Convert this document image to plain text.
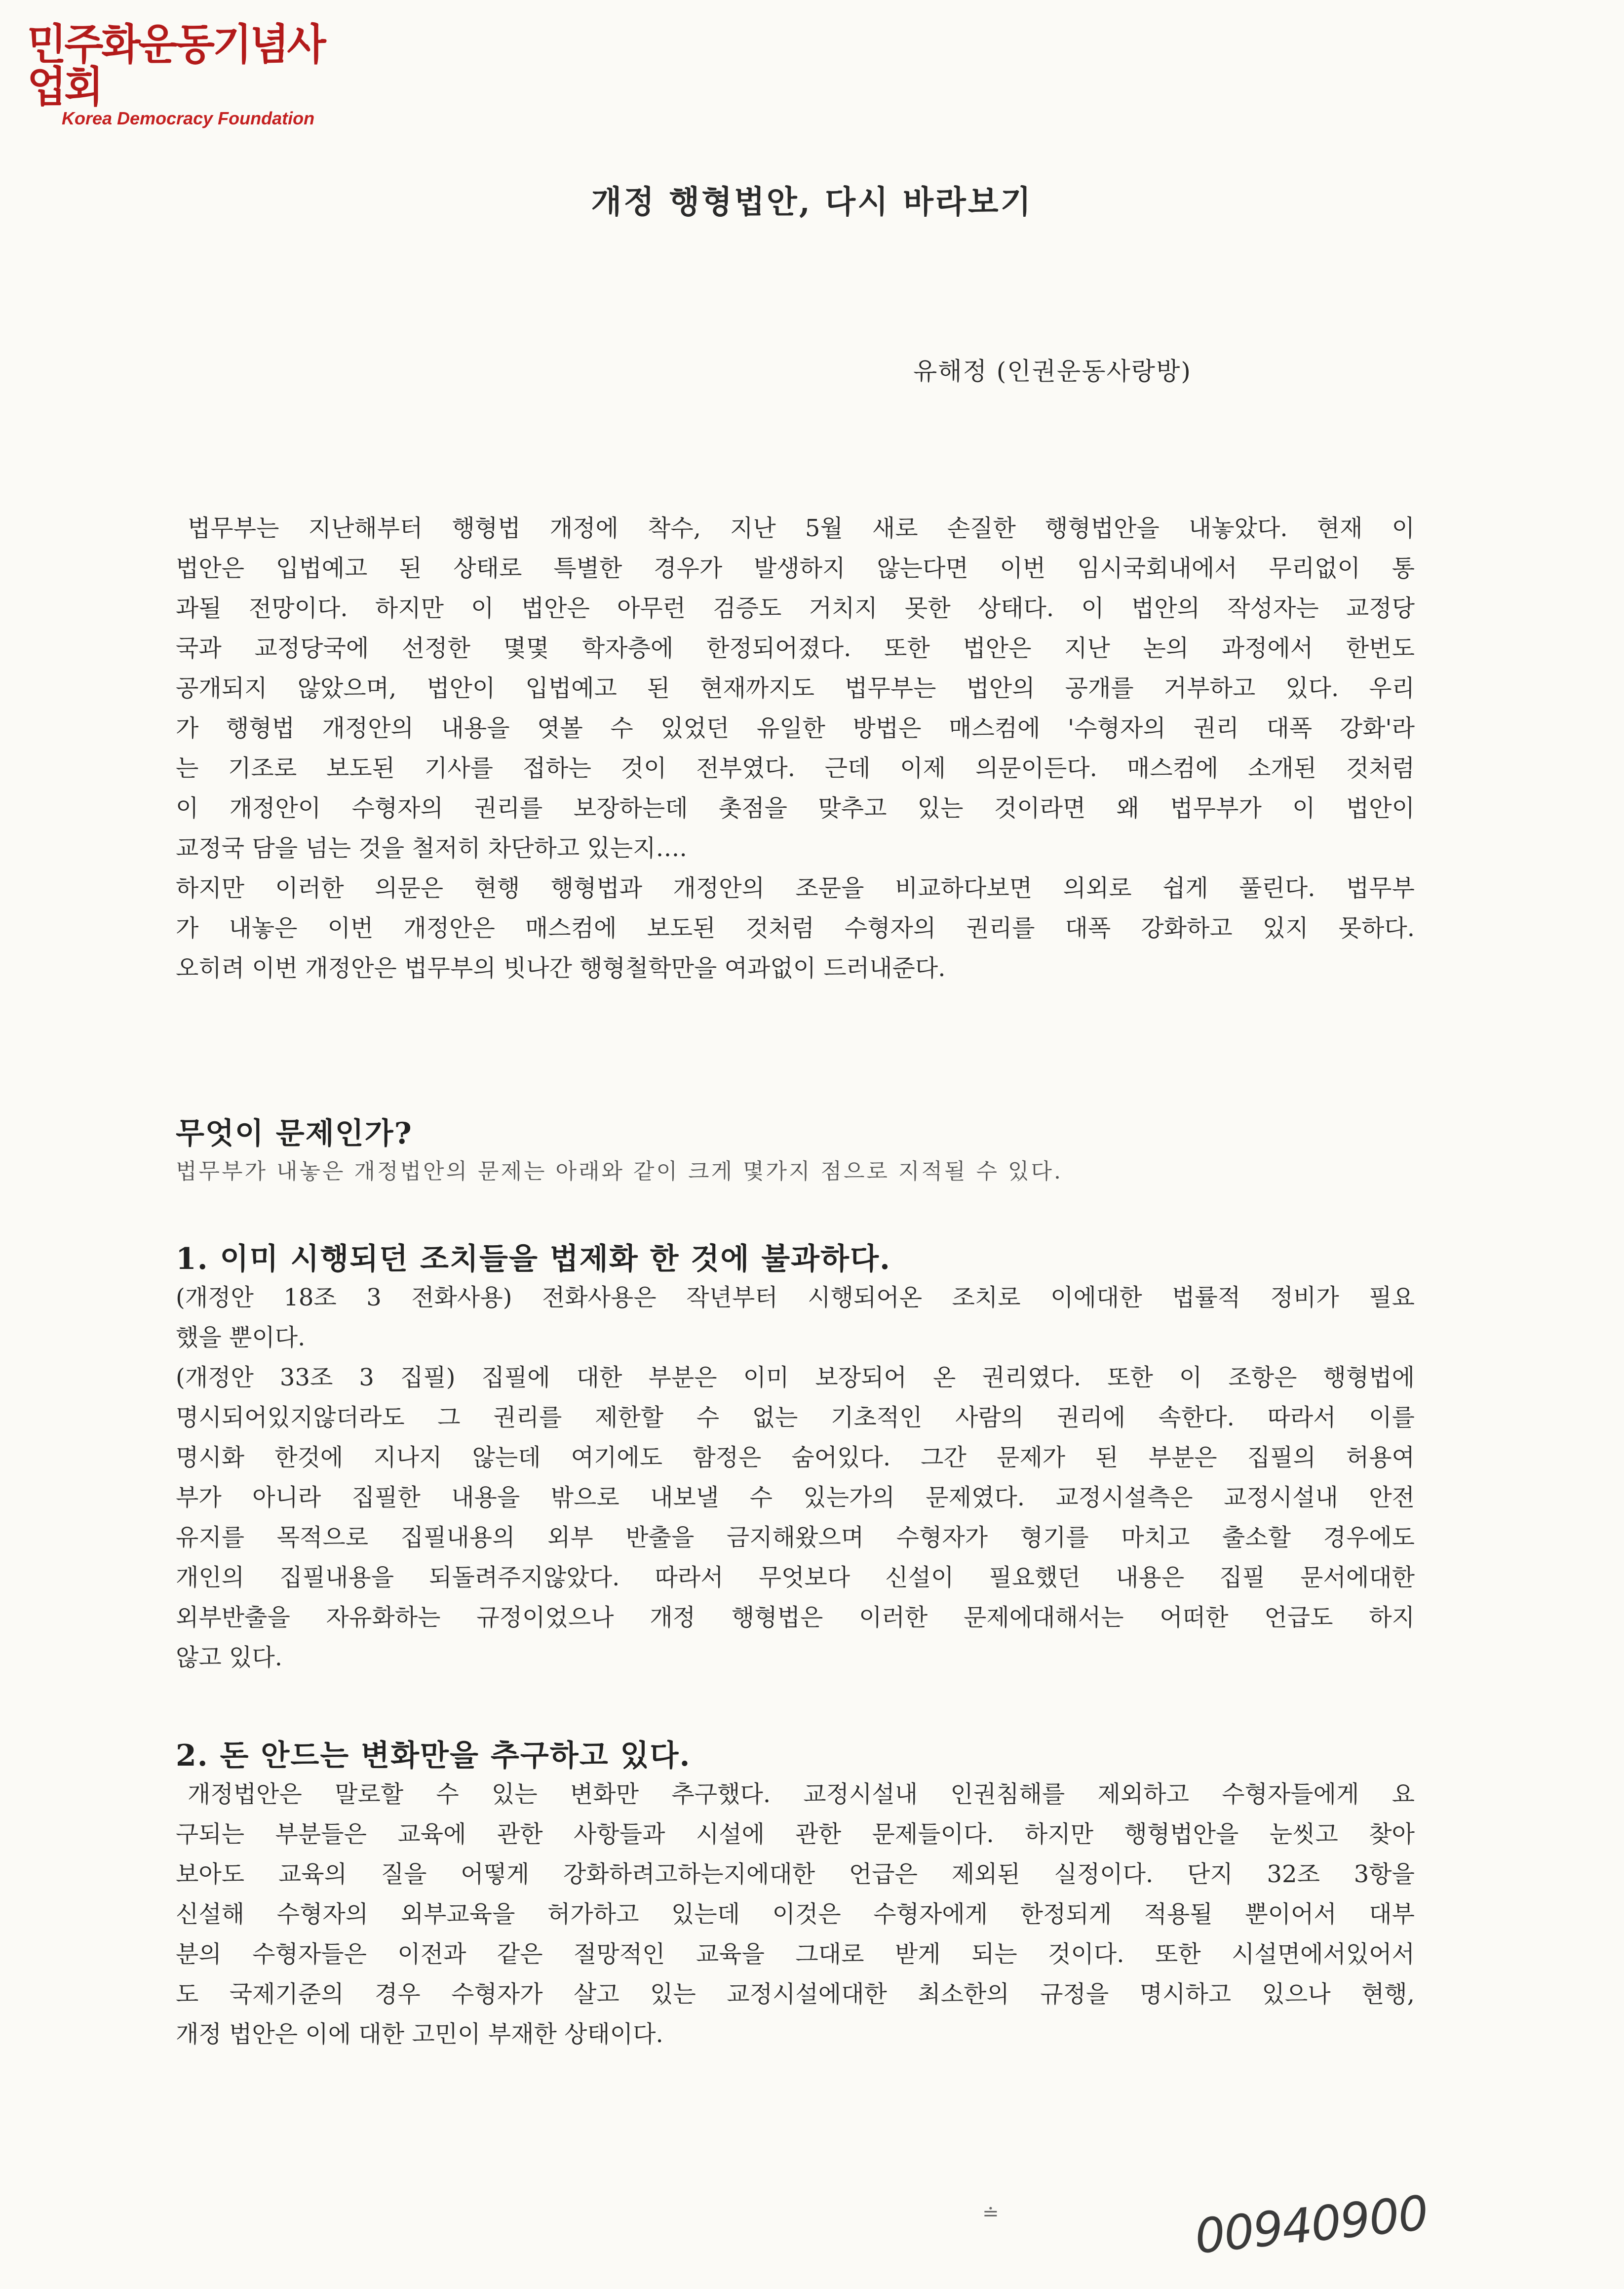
민주화운동기념사업회
Korea Democracy Foundation
개정 행형법안, 다시 바라보기
유해정 (인권운동사랑방)
법무부는 지난해부터 행형법 개정에 착수, 지난 5월 새로 손질한 행형법안을 내놓았다. 현재 이
법안은 입법예고 된 상태로 특별한 경우가 발생하지 않는다면 이번 임시국회내에서 무리없이 통
과될 전망이다. 하지만 이 법안은 아무런 검증도 거치지 못한 상태다. 이 법안의 작성자는 교정당
국과 교정당국에 선정한 몇몇 학자층에 한정되어졌다. 또한 법안은 지난 논의 과정에서 한번도
공개되지 않았으며, 법안이 입법예고 된 현재까지도 법무부는 법안의 공개를 거부하고 있다. 우리
가 행형법 개정안의 내용을 엿볼 수 있었던 유일한 방법은 매스컴에 '수형자의 권리 대폭 강화'라
는 기조로 보도된 기사를 접하는 것이 전부였다. 근데 이제 의문이든다. 매스컴에 소개된 것처럼
이 개정안이 수형자의 권리를 보장하는데 촛점을 맞추고 있는 것이라면 왜 법무부가 이 법안이
교정국 담을 넘는 것을 철저히 차단하고 있는지….
하지만 이러한 의문은 현행 행형법과 개정안의 조문을 비교하다보면 의외로 쉽게 풀린다. 법무부
가 내놓은 이번 개정안은 매스컴에 보도된 것처럼 수형자의 권리를 대폭 강화하고 있지 못하다.
오히려 이번 개정안은 법무부의 빗나간 행형철학만을 여과없이 드러내준다.
무엇이 문제인가?
법무부가 내놓은 개정법안의 문제는 아래와 같이 크게 몇가지 점으로 지적될 수 있다.
1. 이미 시행되던 조치들을 법제화 한 것에 불과하다.
(개정안 18조 3 전화사용) 전화사용은 작년부터 시행되어온 조치로 이에대한 법률적 정비가 필요
했을 뿐이다.
(개정안 33조 3 집필) 집필에 대한 부분은 이미 보장되어 온 권리였다. 또한 이 조항은 행형법에
명시되어있지않더라도 그 권리를 제한할 수 없는 기초적인 사람의 권리에 속한다. 따라서 이를
명시화 한것에 지나지 않는데 여기에도 함정은 숨어있다. 그간 문제가 된 부분은 집필의 허용여
부가 아니라 집필한 내용을 밖으로 내보낼 수 있는가의 문제였다. 교정시설측은 교정시설내 안전
유지를 목적으로 집필내용의 외부 반출을 금지해왔으며 수형자가 형기를 마치고 출소할 경우에도
개인의 집필내용을 되돌려주지않았다. 따라서 무엇보다 신설이 필요했던 내용은 집필 문서에대한
외부반출을 자유화하는 규정이었으나 개정 행형법은 이러한 문제에대해서는 어떠한 언급도 하지
않고 있다.
2. 돈 안드는 변화만을 추구하고 있다.
개정법안은 말로할 수 있는 변화만 추구했다. 교정시설내 인권침해를 제외하고 수형자들에게 요
구되는 부분들은 교육에 관한 사항들과 시설에 관한 문제들이다. 하지만 행형법안을 눈씻고 찾아
보아도 교육의 질을 어떻게 강화하려고하는지에대한 언급은 제외된 실정이다. 단지 32조 3항을
신설해 수형자의 외부교육을 허가하고 있는데 이것은 수형자에게 한정되게 적용될 뿐이어서 대부
분의 수형자들은 이전과 같은 절망적인 교육을 그대로 받게 되는 것이다. 또한 시설면에서있어서
도 국제기준의 경우 수형자가 살고 있는 교정시설에대한 최소한의 규정을 명시하고 있으나 현행,
개정 법안은 이에 대한 고민이 부재한 상태이다.
≐	00940900
